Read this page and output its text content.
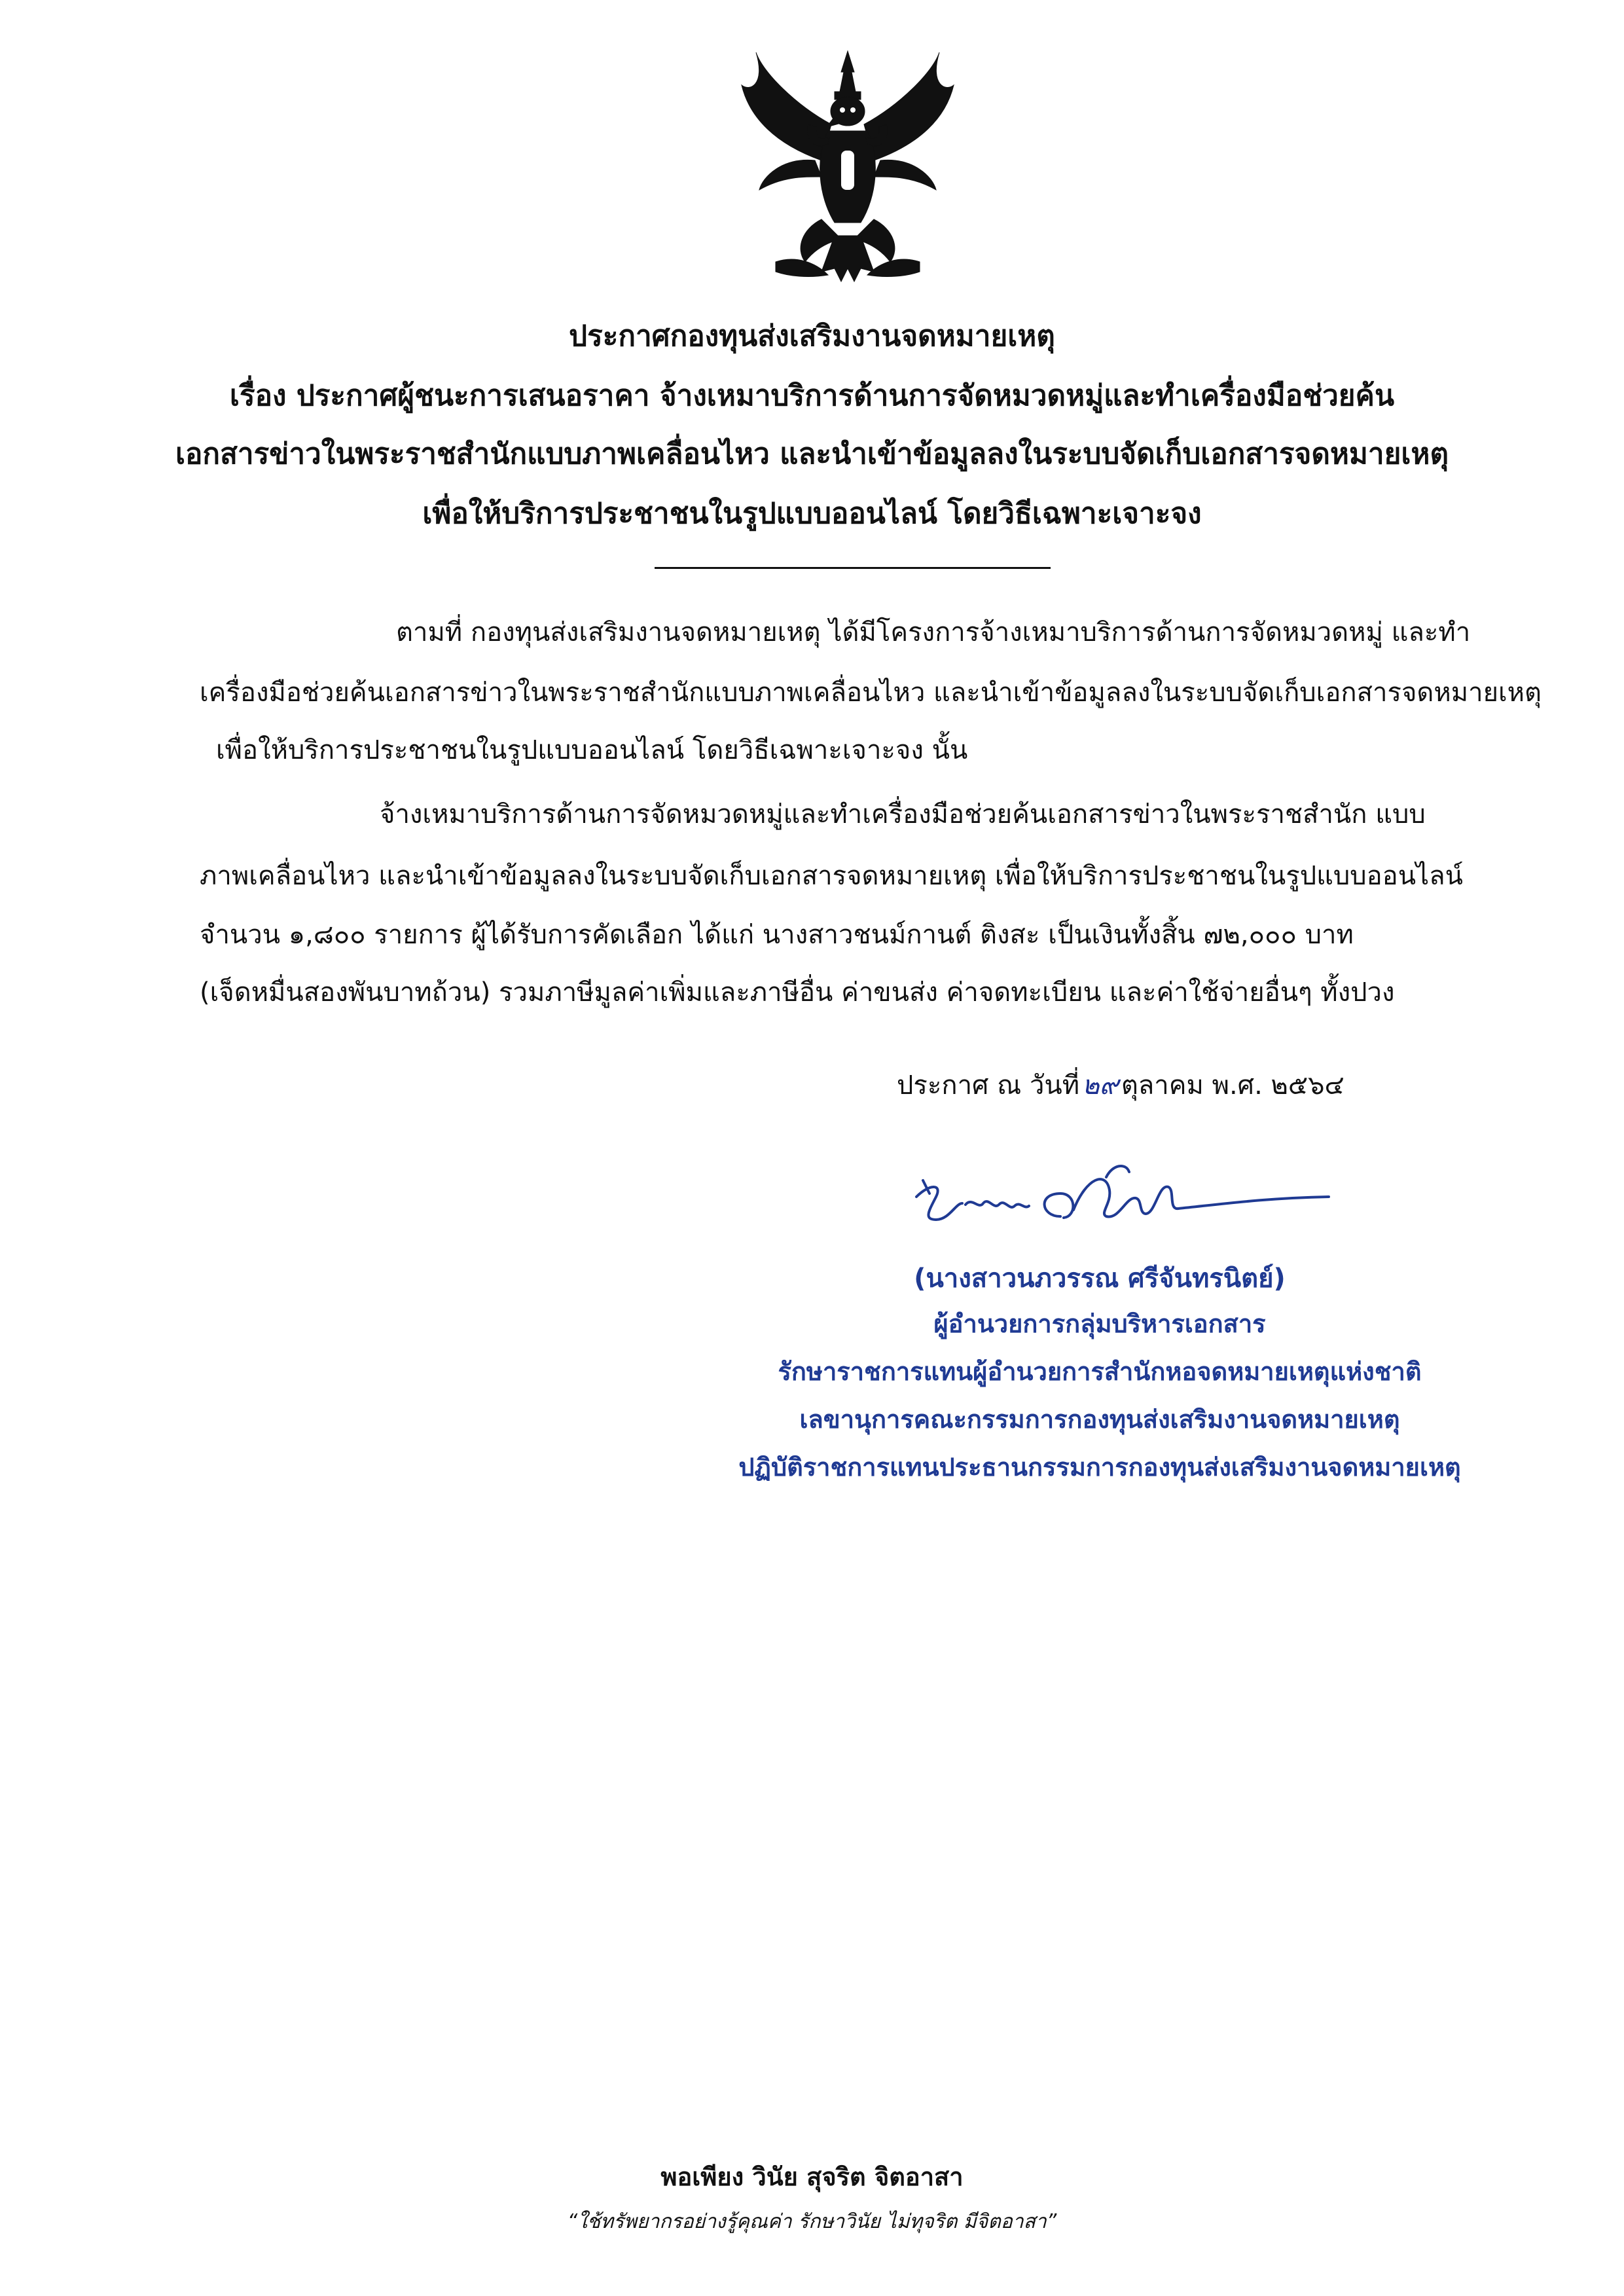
ประกาศกองทุนส่งเสริมงานจดหมายเหตุ
เรื่อง ประกาศผู้ชนะการเสนอราคา จ้างเหมาบริการด้านการจัดหมวดหมู่และทำเครื่องมือช่วยค้น
เอกสารข่าวในพระราชสำนักแบบภาพเคลื่อนไหว และนำเข้าข้อมูลลงในระบบจัดเก็บเอกสารจดหมายเหตุ
เพื่อให้บริการประชาชนในรูปแบบออนไลน์ โดยวิธีเฉพาะเจาะจง
ตามที่ กองทุนส่งเสริมงานจดหมายเหตุ ได้มีโครงการจ้างเหมาบริการด้านการจัดหมวดหมู่ และทำ
เครื่องมือช่วยค้นเอกสารข่าวในพระราชสำนักแบบภาพเคลื่อนไหว และนำเข้าข้อมูลลงในระบบจัดเก็บเอกสารจดหมายเหตุ
เพื่อให้บริการประชาชนในรูปแบบออนไลน์ โดยวิธีเฉพาะเจาะจง นั้น
จ้างเหมาบริการด้านการจัดหมวดหมู่และทำเครื่องมือช่วยค้นเอกสารข่าวในพระราชสำนัก แบบ
ภาพเคลื่อนไหว และนำเข้าข้อมูลลงในระบบจัดเก็บเอกสารจดหมายเหตุ เพื่อให้บริการประชาชนในรูปแบบออนไลน์
จำนวน ๑,๘๐๐ รายการ ผู้ได้รับการคัดเลือก ได้แก่ นางสาวชนม์กานต์ ติงสะ เป็นเงินทั้งสิ้น ๗๒,๐๐๐ บาท
(เจ็ดหมื่นสองพันบาทถ้วน) รวมภาษีมูลค่าเพิ่มและภาษีอื่น ค่าขนส่ง ค่าจดทะเบียน และค่าใช้จ่ายอื่นๆ ทั้งปวง
ประกาศ ณ วันที่ ๒๙ ตุลาคม พ.ศ. ๒๕๖๔
(นางสาวนภวรรณ ศรีจันทรนิตย์)
ผู้อำนวยการกลุ่มบริหารเอกสาร
รักษาราชการแทนผู้อำนวยการสำนักหอจดหมายเหตุแห่งชาติ
เลขานุการคณะกรรมการกองทุนส่งเสริมงานจดหมายเหตุ
ปฏิบัติราชการแทนประธานกรรมการกองทุนส่งเสริมงานจดหมายเหตุ
พอเพียง วินัย สุจริต จิตอาสา
“ใช้ทรัพยากรอย่างรู้คุณค่า รักษาวินัย ไม่ทุจริต มีจิตอาสา”
